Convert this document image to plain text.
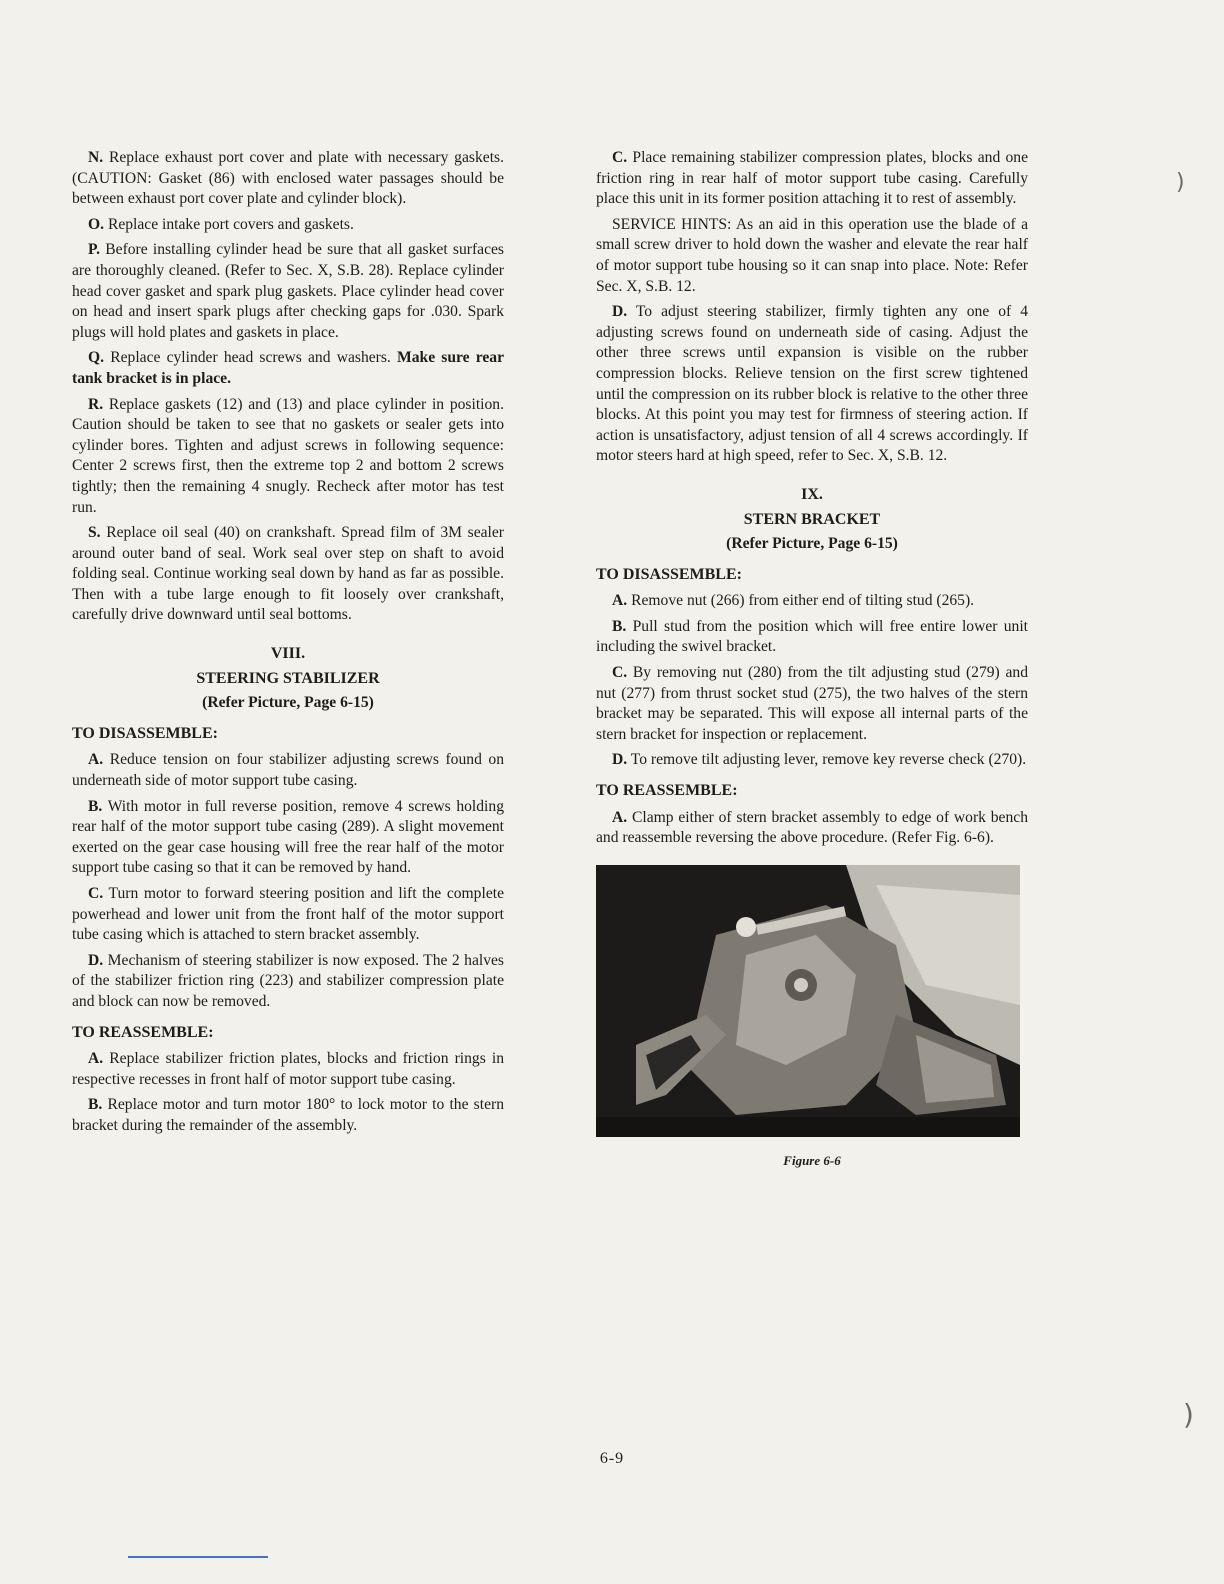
N. Replace exhaust port cover and plate with necessary gaskets. (CAUTION: Gasket (86) with enclosed water passages should be between exhaust port cover plate and cylinder block).

O. Replace intake port covers and gaskets.

P. Before installing cylinder head be sure that all gasket surfaces are thoroughly cleaned. (Refer to Sec. X, S.B. 28). Replace cylinder head cover gasket and spark plug gaskets. Place cylinder head cover on head and insert spark plugs after checking gaps for .030. Spark plugs will hold plates and gaskets in place.

Q. Replace cylinder head screws and washers. Make sure rear tank bracket is in place.

R. Replace gaskets (12) and (13) and place cylinder in position. Caution should be taken to see that no gaskets or sealer gets into cylinder bores. Tighten and adjust screws in following sequence: Center 2 screws first, then the extreme top 2 and bottom 2 screws tightly; then the remaining 4 snugly. Recheck after motor has test run.

S. Replace oil seal (40) on crankshaft. Spread film of 3M sealer around outer band of seal. Work seal over step on shaft to avoid folding seal. Continue working seal down by hand as far as possible. Then with a tube large enough to fit loosely over crankshaft, carefully drive downward until seal bottoms.

VIII.

STEERING STABILIZER

(Refer Picture, Page 6-15)

TO DISASSEMBLE:

A. Reduce tension on four stabilizer adjusting screws found on underneath side of motor support tube casing.

B. With motor in full reverse position, remove 4 screws holding rear half of the motor support tube casing (289). A slight movement exerted on the gear case housing will free the rear half of the motor support tube casing so that it can be removed by hand.

C. Turn motor to forward steering position and lift the complete powerhead and lower unit from the front half of the motor support tube casing which is attached to stern bracket assembly.

D. Mechanism of steering stabilizer is now exposed. The 2 halves of the stabilizer friction ring (223) and stabilizer compression plate and block can now be removed.

TO REASSEMBLE:

A. Replace stabilizer friction plates, blocks and friction rings in respective recesses in front half of motor support tube casing.

B. Replace motor and turn motor 180° to lock motor to the stern bracket during the remainder of the assembly.

C. Place remaining stabilizer compression plates, blocks and one friction ring in rear half of motor support tube casing. Carefully place this unit in its former position attaching it to rest of assembly.

SERVICE HINTS: As an aid in this operation use the blade of a small screw driver to hold down the washer and elevate the rear half of motor support tube housing so it can snap into place. Note: Refer Sec. X, S.B. 12.

D. To adjust steering stabilizer, firmly tighten any one of 4 adjusting screws found on underneath side of casing. Adjust the other three screws until expansion is visible on the rubber compression blocks. Relieve tension on the first screw tightened until the compression on its rubber block is relative to the other three blocks. At this point you may test for firmness of steering action. If action is unsatisfactory, adjust tension of all 4 screws accordingly. If motor steers hard at high speed, refer to Sec. X, S.B. 12.

IX.

STERN BRACKET

(Refer Picture, Page 6-15)

TO DISASSEMBLE:

A. Remove nut (266) from either end of tilting stud (265).

B. Pull stud from the position which will free entire lower unit including the swivel bracket.

C. By removing nut (280) from the tilt adjusting stud (279) and nut (277) from thrust socket stud (275), the two halves of the stern bracket may be separated. This will expose all internal parts of the stern bracket for inspection or replacement.

D. To remove tilt adjusting lever, remove key reverse check (270).

TO REASSEMBLE:

A. Clamp either of stern bracket assembly to edge of work bench and reassemble reversing the above procedure. (Refer Fig. 6-6).

Figure 6-6

6-9

)
)
